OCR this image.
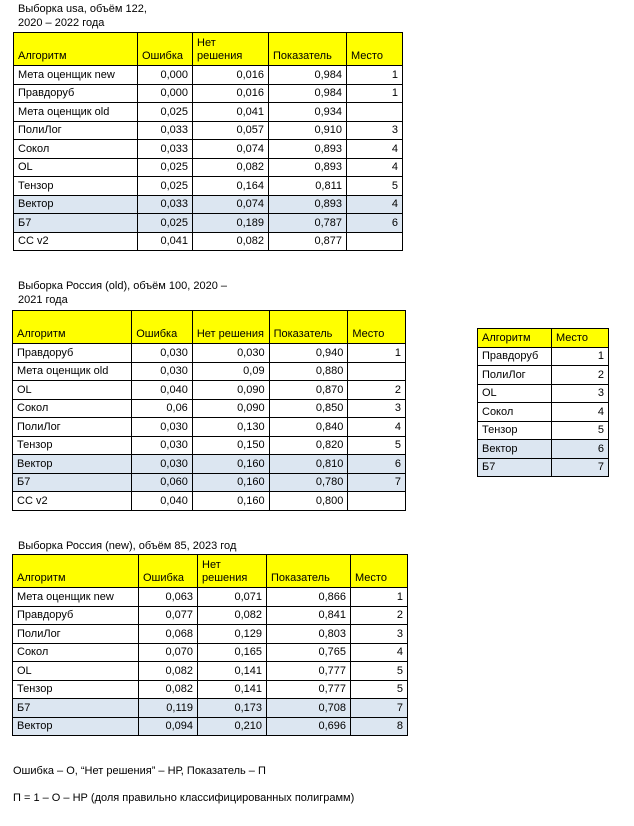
Выборка usa, объём 122,
2020 – 2022 года
Алгоритм	Ошибка	Нет решения	Показатель	Место
Мета оценщик new	0,000	0,016	0,984	1
Правдоруб	0,000	0,016	0,984	1
Мета оценщик old	0,025	0,041	0,934	
ПолиЛог	0,033	0,057	0,910	3
Сокол	0,033	0,074	0,893	4
OL	0,025	0,082	0,893	4
Тензор	0,025	0,164	0,811	5
Вектор	0,033	0,074	0,893	4
Б7	0,025	0,189	0,787	6
CC v2	0,041	0,082	0,877	
Выборка Россия (old), объём 100, 2020 –
2021 года
Алгоритм	Ошибка	Нет решения	Показатель	Место
Правдоруб	0,030	0,030	0,940	1
Мета оценщик old	0,030	0,09	0,880	
OL	0,040	0,090	0,870	2
Сокол	0,06	0,090	0,850	3
ПолиЛог	0,030	0,130	0,840	4
Тензор	0,030	0,150	0,820	5
Вектор	0,030	0,160	0,810	6
Б7	0,060	0,160	0,780	7
CC v2	0,040	0,160	0,800	
Алгоритм	Место
Правдоруб	1
ПолиЛог	2
OL	3
Сокол	4
Тензор	5
Вектор	6
Б7	7
Выборка Россия (new), объём 85, 2023 год
Алгоритм	Ошибка	Нет решения	Показатель	Место
Мета оценщик new	0,063	0,071	0,866	1
Правдоруб	0,077	0,082	0,841	2
ПолиЛог	0,068	0,129	0,803	3
Сокол	0,070	0,165	0,765	4
OL	0,082	0,141	0,777	5
Тензор	0,082	0,141	0,777	5
Б7	0,119	0,173	0,708	7
Вектор	0,094	0,210	0,696	8
Ошибка – О, “Нет решения” – НР, Показатель – П
П = 1 – О – НР (доля правильно классифицированных полиграмм)
